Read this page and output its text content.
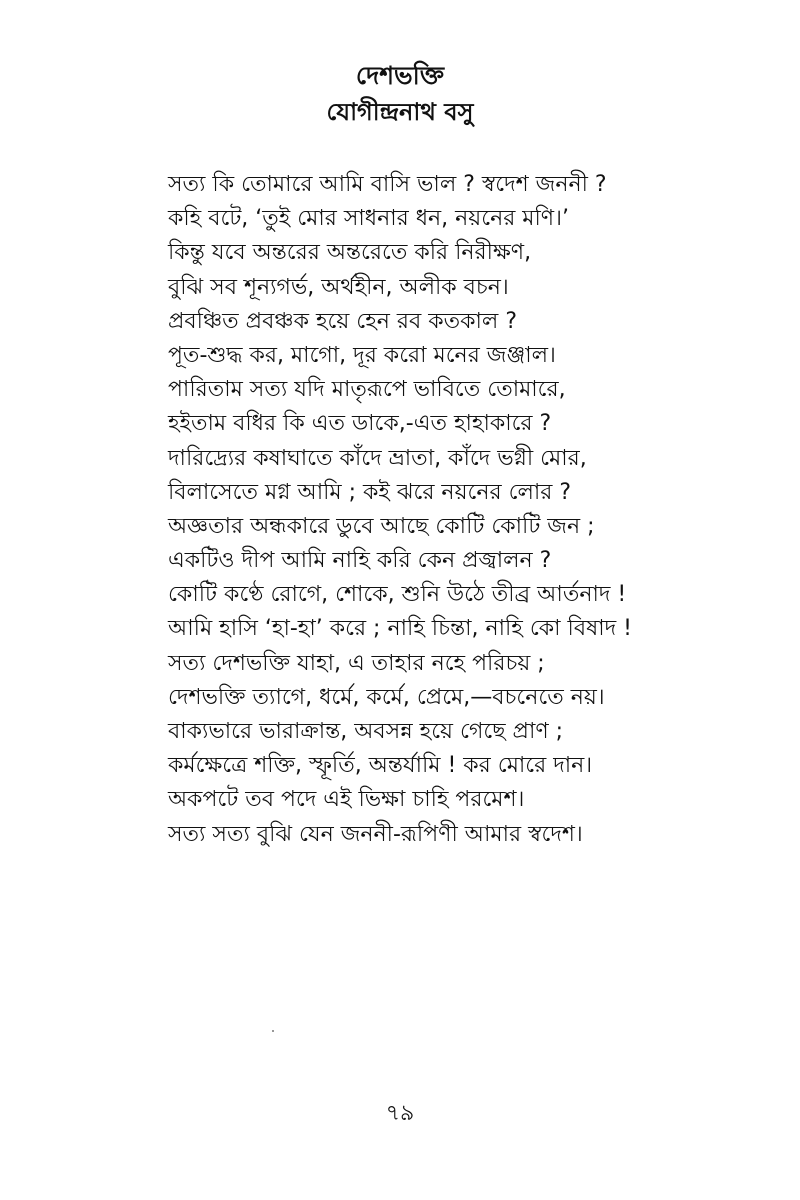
দেশভক্তি
যোগীন্দ্রনাথ বসু
সত্য কি তোমারে আমি বাসি ভাল ? স্বদেশ জননী ?
কহি বটে, ‘তুই মোর সাধনার ধন, নয়নের মণি।’
কিন্তু যবে অন্তরের অন্তরেতে করি নিরীক্ষণ,
বুঝি সব শূন্যগর্ভ, অর্থহীন, অলীক বচন।
প্রবঞ্চিত প্রবঞ্চক হয়ে হেন রব কতকাল ?
পূত-শুদ্ধ কর, মাগো, দূর করো মনের জঞ্জাল।
পারিতাম সত্য যদি মাতৃরূপে ভাবিতে তোমারে,
হইতাম বধির কি এত ডাকে,-এত হাহাকারে ?
দারিদ্র্যের কষাঘাতে কাঁদে ভ্রাতা, কাঁদে ভগ্নী মোর,
বিলাসেতে মগ্ন আমি ; কই ঝরে নয়নের লোর ?
অজ্ঞতার অন্ধকারে ডুবে আছে কোটি কোটি জন ;
একটিও দীপ আমি নাহি করি কেন প্রজ্বালন ?
কোটি কণ্ঠে রোগে, শোকে, শুনি উঠে তীব্র আর্তনাদ !
আমি হাসি ‘হা-হা’ করে ; নাহি চিন্তা, নাহি কো বিষাদ !
সত্য দেশভক্তি যাহা, এ তাহার নহে পরিচয় ;
দেশভক্তি ত্যাগে, ধর্মে, কর্মে, প্রেমে,—বচনেতে নয়।
বাক্যভারে ভারাক্রান্ত, অবসন্ন হয়ে গেছে প্রাণ ;
কর্মক্ষেত্রে শক্তি, স্ফূর্তি, অন্তর্যামি ! কর মোরে দান।
অকপটে তব পদে এই ভিক্ষা চাহি পরমেশ।
সত্য সত্য বুঝি যেন জননী-রূপিণী আমার স্বদেশ।
৭৯
